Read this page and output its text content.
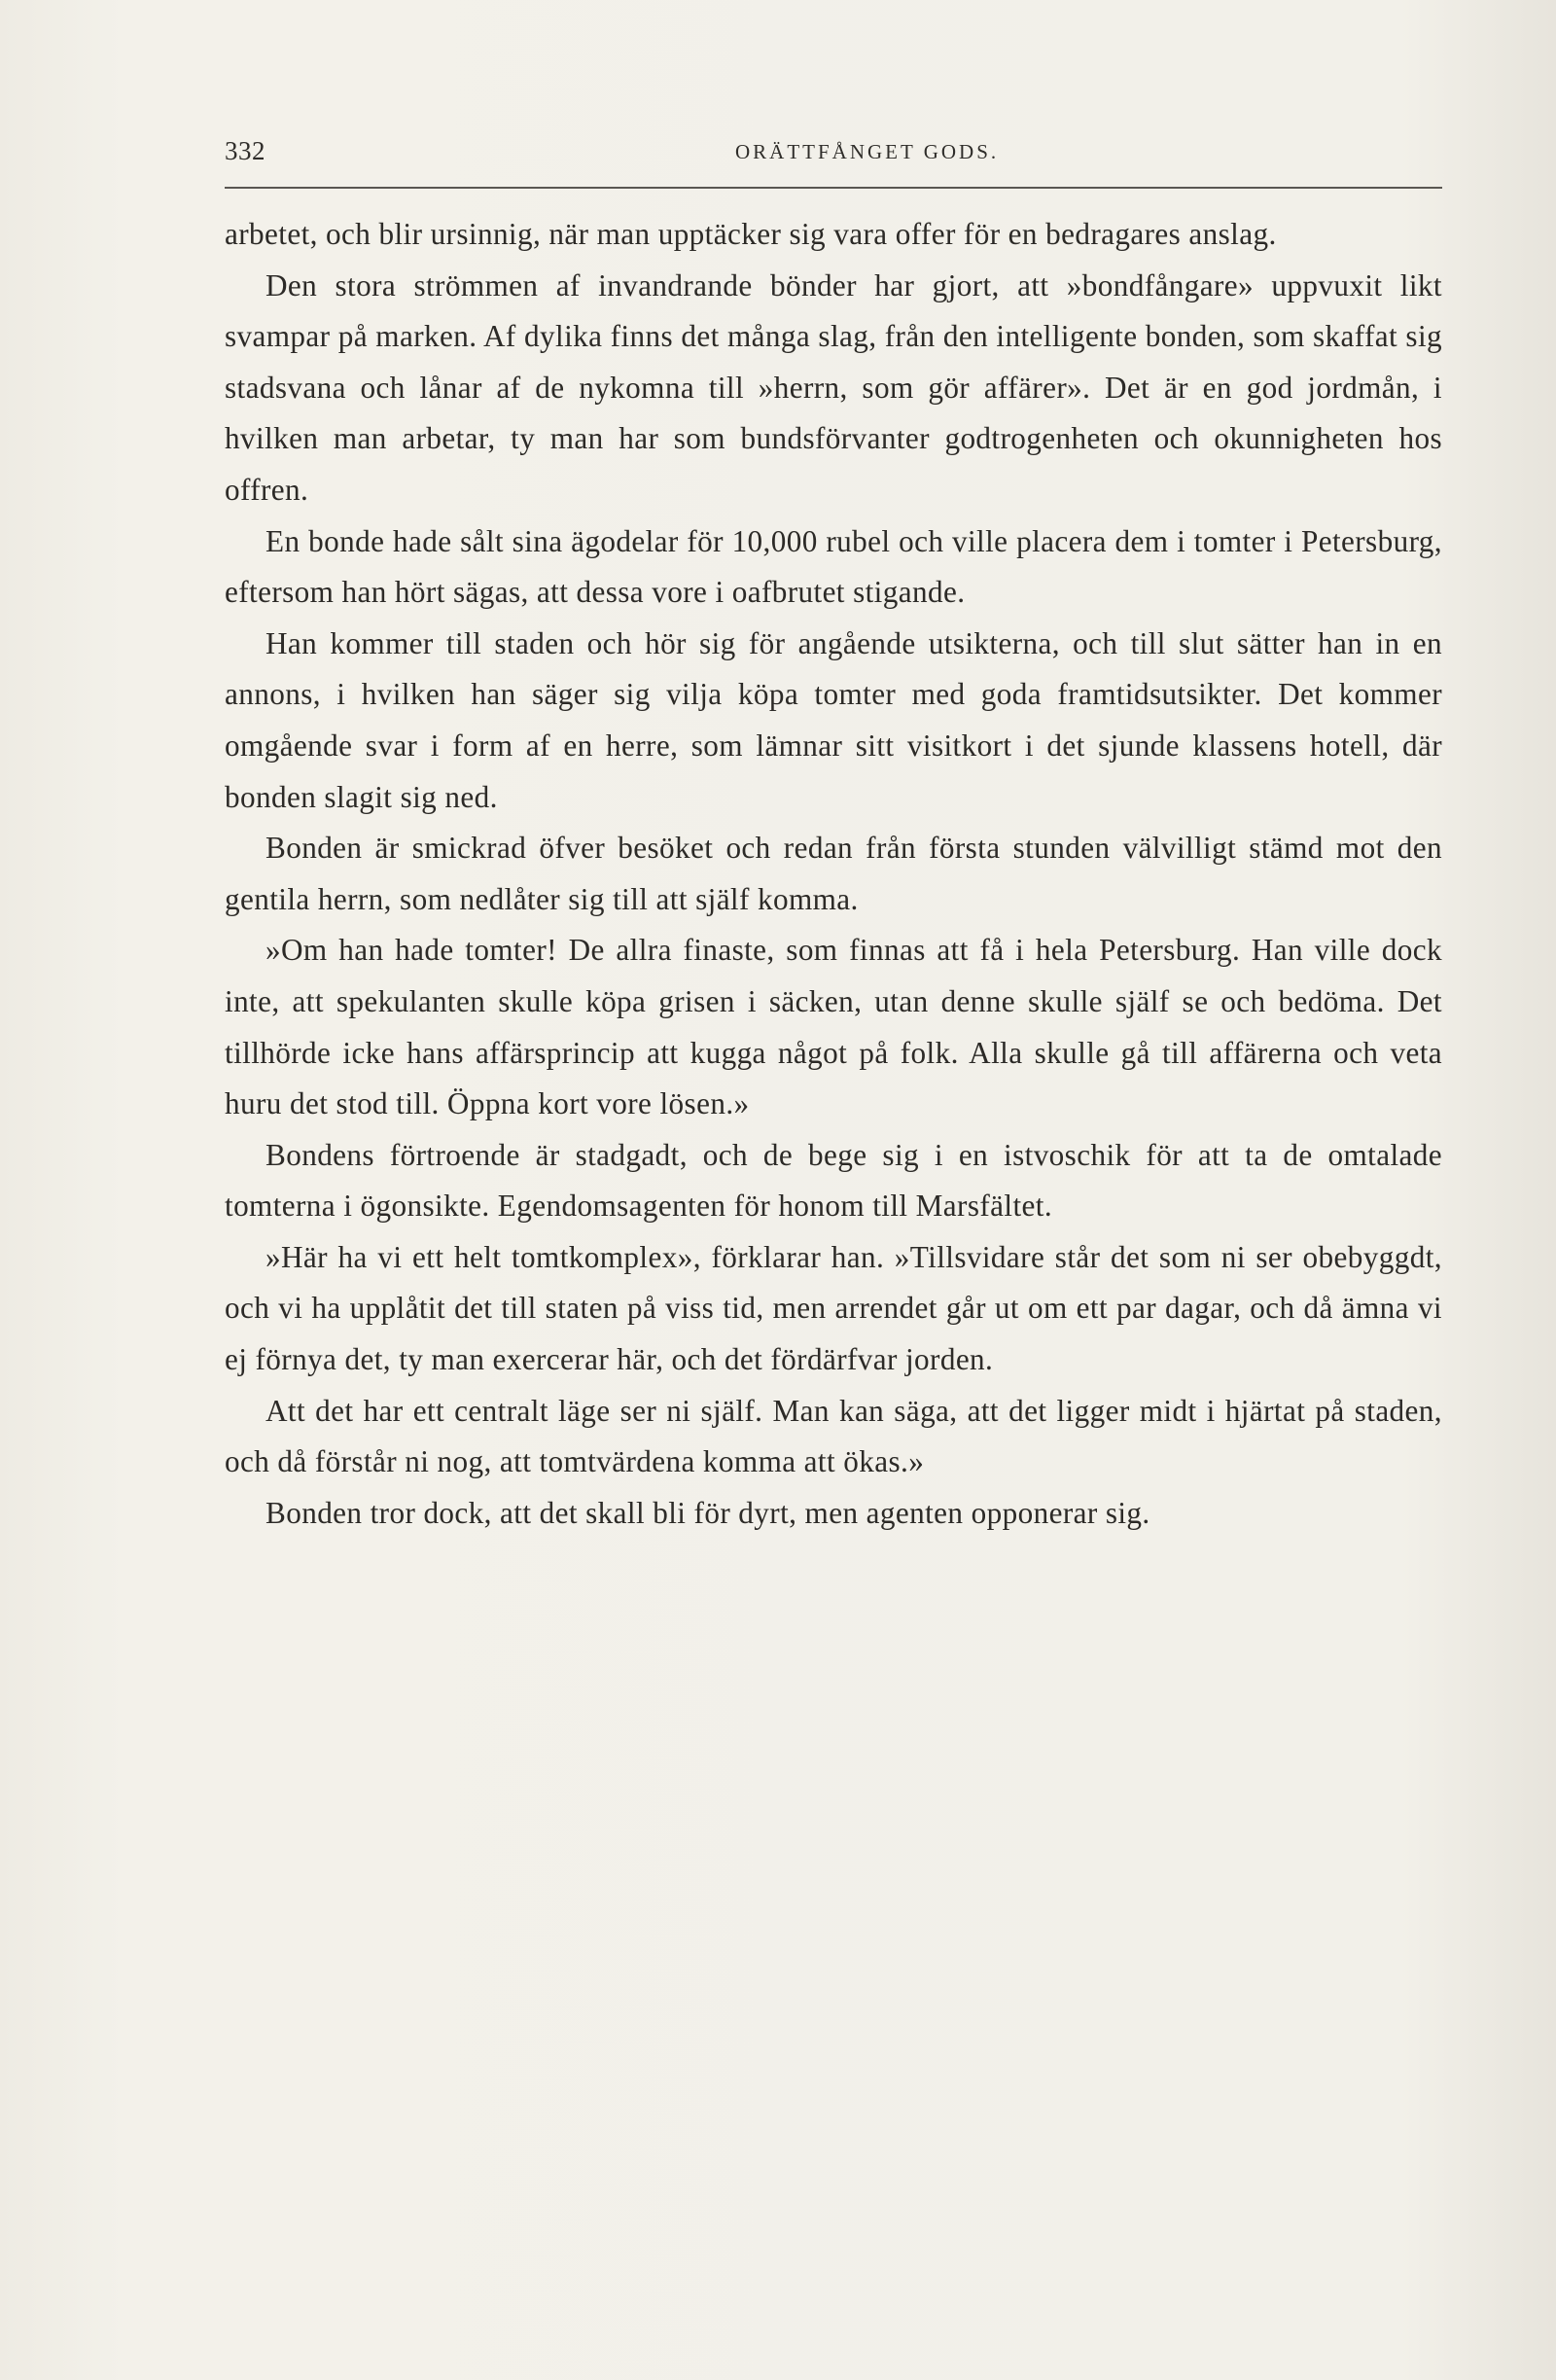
332	ORÄTTFÅNGET GODS.

arbetet, och blir ursinnig, när man upptäcker sig vara offer för en bedragares anslag.

Den stora strömmen af invandrande bönder har gjort, att »bondfångare» uppvuxit likt svampar på marken. Af dylika finns det många slag, från den intelligente bonden, som skaffat sig stadsvana och lånar af de nykomna till »herrn, som gör affärer». Det är en god jordmån, i hvilken man arbetar, ty man har som bundsförvanter godtrogenheten och okunnigheten hos offren.

En bonde hade sålt sina ägodelar för 10,000 rubel och ville placera dem i tomter i Petersburg, eftersom han hört sägas, att dessa vore i oafbrutet stigande.

Han kommer till staden och hör sig för angående utsikterna, och till slut sätter han in en annons, i hvilken han säger sig vilja köpa tomter med goda framtidsutsikter. Det kommer omgående svar i form af en herre, som lämnar sitt visitkort i det sjunde klassens hotell, där bonden slagit sig ned.

Bonden är smickrad öfver besöket och redan från första stunden välvilligt stämd mot den gentila herrn, som nedlåter sig till att själf komma.

»Om han hade tomter! De allra finaste, som finnas att få i hela Petersburg. Han ville dock inte, att spekulanten skulle köpa grisen i säcken, utan denne skulle själf se och bedöma. Det tillhörde icke hans affärsprincip att kugga något på folk. Alla skulle gå till affärerna och veta huru det stod till. Öppna kort vore lösen.»

Bondens förtroende är stadgadt, och de bege sig i en istvoschik för att ta de omtalade tomterna i ögonsikte. Egendomsagenten för honom till Marsfältet.

»Här ha vi ett helt tomtkomplex», förklarar han. »Tillsvidare står det som ni ser obebyggdt, och vi ha upplåtit det till staten på viss tid, men arrendet går ut om ett par dagar, och då ämna vi ej förnya det, ty man exercerar här, och det fördärfvar jorden.

Att det har ett centralt läge ser ni själf. Man kan säga, att det ligger midt i hjärtat på staden, och då förstår ni nog, att tomtvärdena komma att ökas.»

Bonden tror dock, att det skall bli för dyrt, men agenten opponerar sig.
